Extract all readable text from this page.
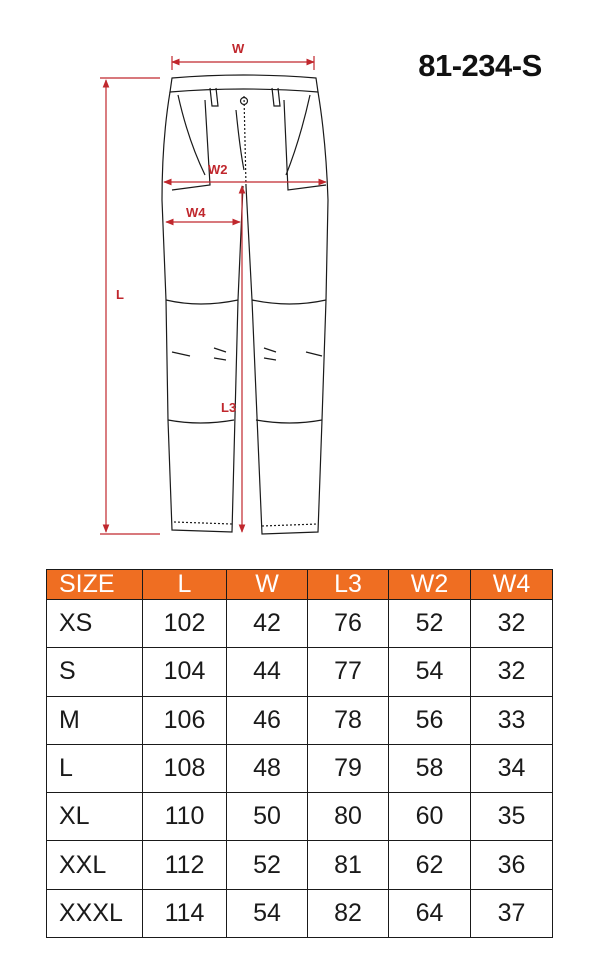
81-234-S
W
W2
W4
L
L3
SIZE	L	W	L3	W2	W4
XS	102	42	76	52	32
S	104	44	77	54	32
M	106	46	78	56	33
L	108	48	79	58	34
XL	110	50	80	60	35
XXL	112	52	81	62	36
XXXL	114	54	82	64	37
